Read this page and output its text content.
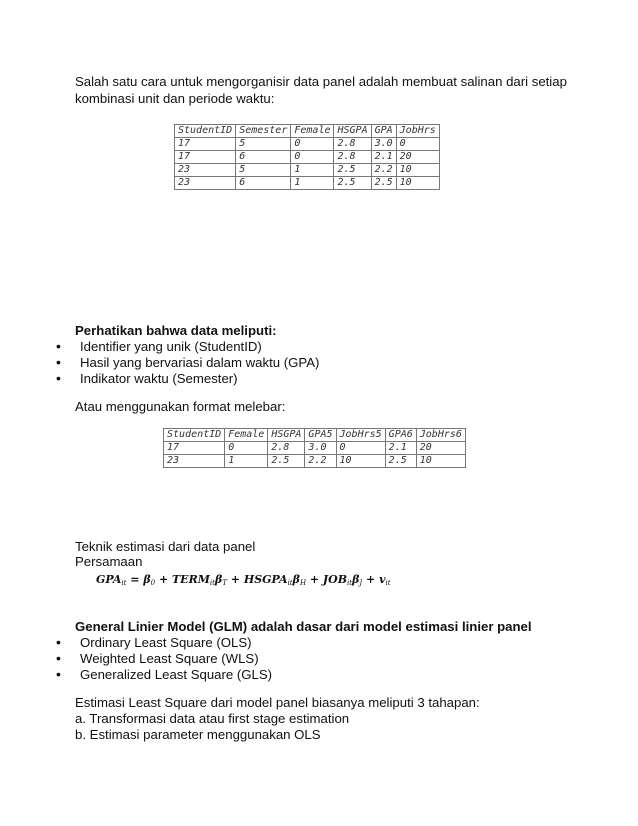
Salah satu cara untuk mengorganisir data panel adalah membuat salinan dari setiap
kombinasi unit dan periode waktu:
StudentID	Semester	Female	HSGPA	GPA	JobHrs
17	5	0	2.8	3.0	0
17	6	0	2.8	2.1	20
23	5	1	2.5	2.2	10
23	6	1	2.5	2.5	10
Perhatikan bahwa data meliputi:
• Identifier yang unik (StudentID)
• Hasil yang bervariasi dalam waktu (GPA)
• Indikator waktu (Semester)
Atau menggunakan format melebar:
StudentID	Female	HSGPA	GPA5	JobHrs5	GPA6	JobHrs6
17	0	2.8	3.0	0	2.1	20
23	1	2.5	2.2	10	2.5	10
Teknik estimasi dari data panel
Persamaan
$GPA_{it} = \beta_0$ + $TERM_{it}\beta_T$ + $HSGPA_{it}\beta_H + JOB_{it}\beta_J + v_{it}$
General Linier Model (GLM) adalah dasar dari model estimasi linier panel
• Ordinary Least Square (OLS)
• Weighted Least Square (WLS)
• Generalized Least Square (GLS)
Estimasi Least Square dari model panel biasanya meliputi 3 tahapan:
a. Transformasi data atau first stage estimation
b. Estimasi parameter menggunakan OLS
